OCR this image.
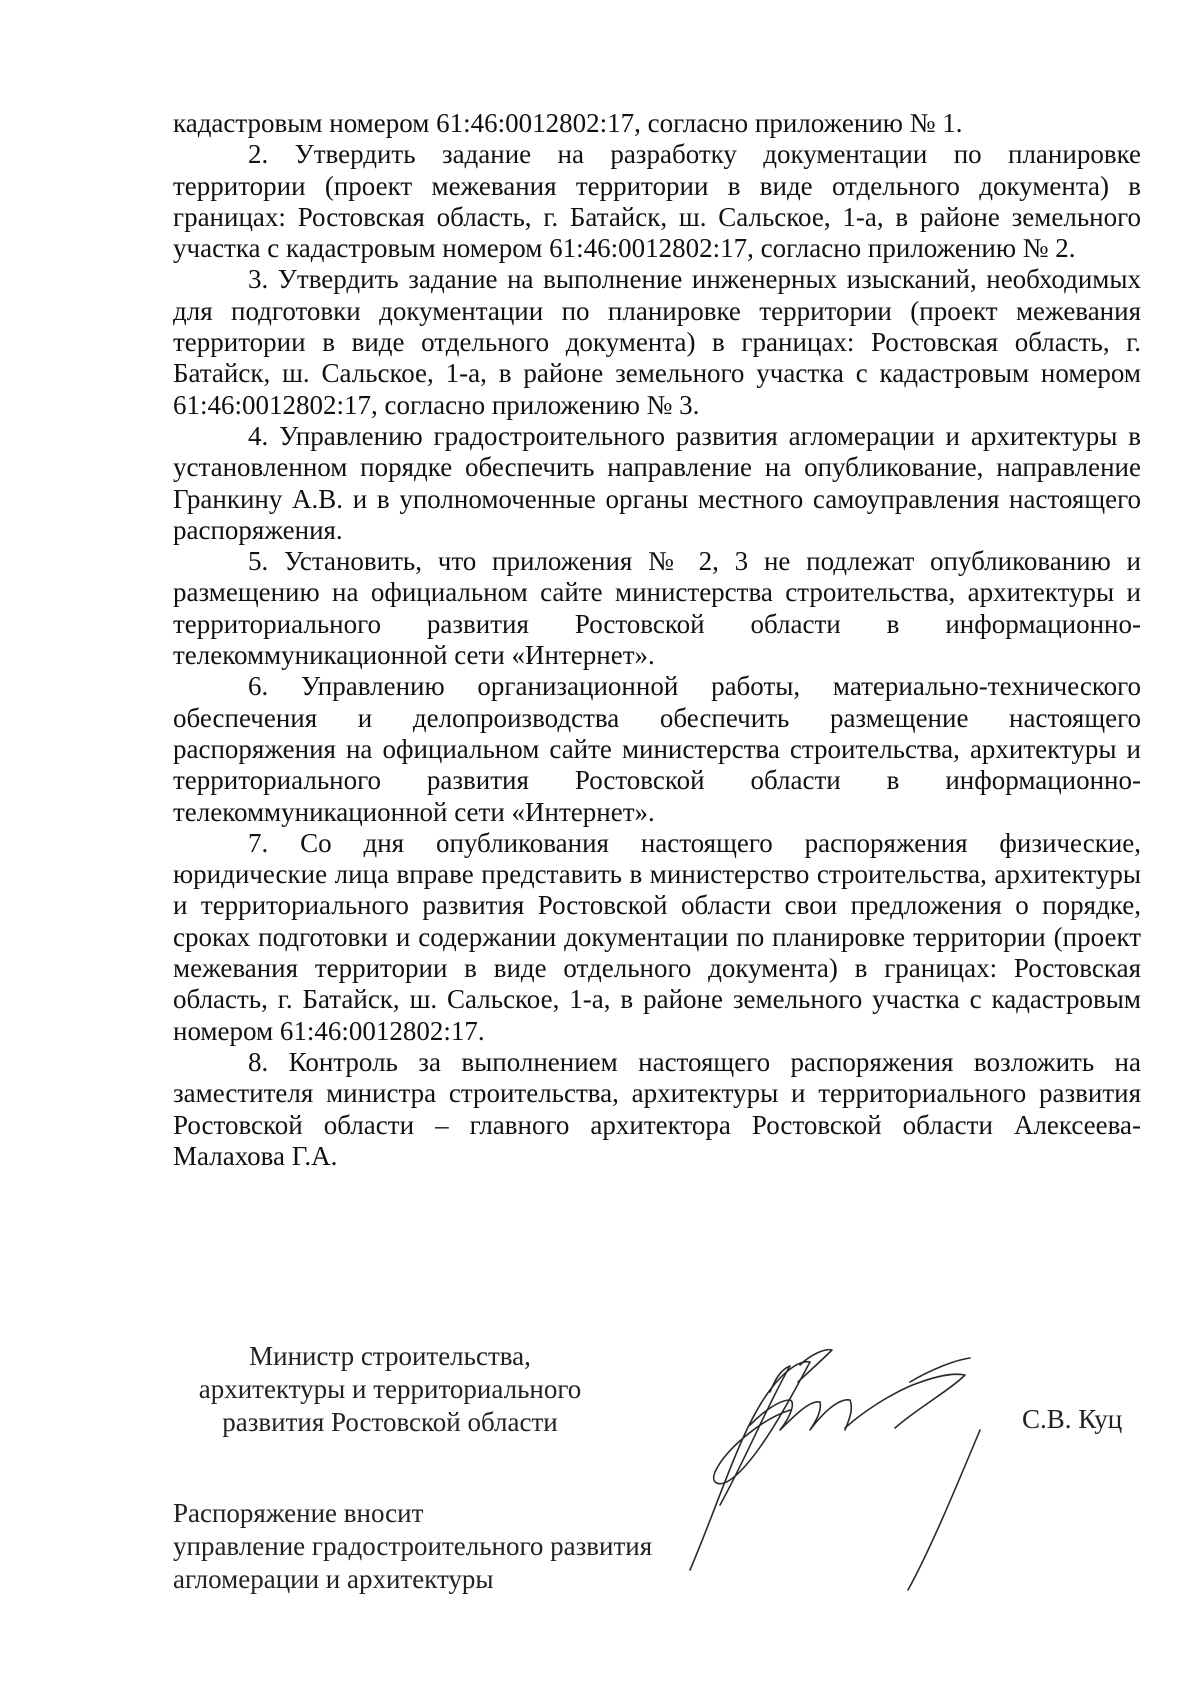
кадастровым номером 61:46:0012802:17, согласно приложению № 1.

2. Утвердить задание на разработку документации по планировке территории (проект межевания территории в виде отдельного документа) в границах: Ростовская область, г. Батайск, ш. Сальское, 1-а, в районе земельного участка с кадастровым номером 61:46:0012802:17, согласно приложению № 2.

3. Утвердить задание на выполнение инженерных изысканий, необходимых для подготовки документации по планировке территории (проект межевания территории в виде отдельного документа) в границах: Ростовская область, г. Батайск, ш. Сальское, 1-а, в районе земельного участка с кадастровым номером 61:46:0012802:17, согласно приложению № 3.

4. Управлению градостроительного развития агломерации и архитектуры в установленном порядке обеспечить направление на опубликование, направление Гранкину А.В. и в уполномоченные органы местного самоуправления настоящего распоряжения.

5. Установить, что приложения № 2, 3 не подлежат опубликованию и размещению на официальном сайте министерства строительства, архитектуры и территориального развития Ростовской области в информационно-телекоммуникационной сети «Интернет».

6. Управлению организационной работы, материально-технического обеспечения и делопроизводства обеспечить размещение настоящего распоряжения на официальном сайте министерства строительства, архитектуры и территориального развития Ростовской области в информационно-телекоммуникационной сети «Интернет».

7. Со дня опубликования настоящего распоряжения физические, юридические лица вправе представить в министерство строительства, архитектуры и территориального развития Ростовской области свои предложения о порядке, сроках подготовки и содержании документации по планировке территории (проект межевания территории в виде отдельного документа) в границах: Ростовская область, г. Батайск, ш. Сальское, 1-а, в районе земельного участка с кадастровым номером 61:46:0012802:17.

8. Контроль за выполнением настоящего распоряжения возложить на заместителя министра строительства, архитектуры и территориального развития Ростовской области – главного архитектора Ростовской области Алексеева-Малахова Г.А.

Министр строительства,
архитектуры и территориального
развития Ростовской области	С.В. Куц
Распоряжение вносит
управление градостроительного развития
агломерации и архитектуры
